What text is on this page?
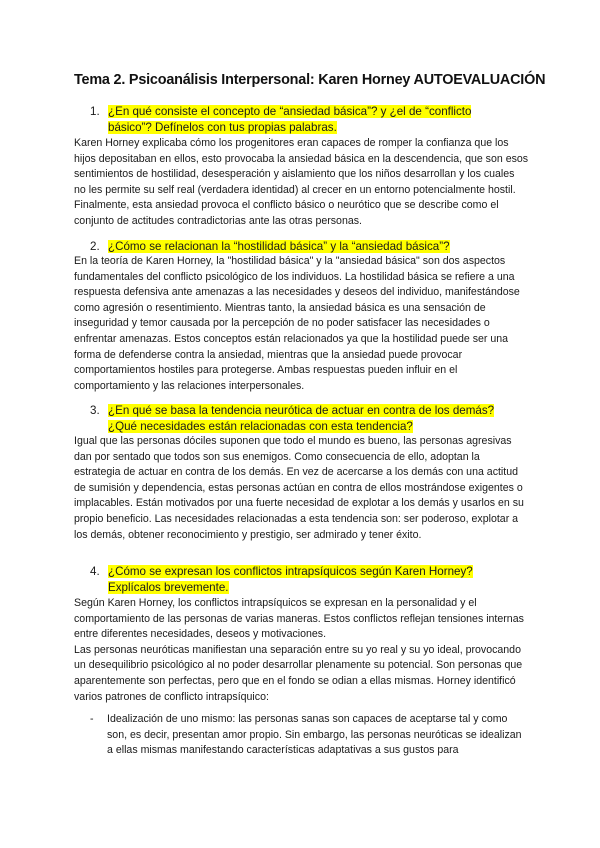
Tema 2. Psicoanálisis Interpersonal: Karen Horney AUTOEVALUACIÓN
1. ¿En qué consiste el concepto de “ansiedad básica”? y ¿el de “conflicto
básico”? Defínelos con tus propias palabras.

Karen Horney explicaba cómo los progenitores eran capaces de romper la confianza que los hijos depositaban en ellos, esto provocaba la ansiedad básica en la descendencia, que son esos sentimientos de hostilidad, desesperación y aislamiento que los niños desarrollan y los cuales no les permite su self real (verdadera identidad) al crecer en un entorno potencialmente hostil. Finalmente, esta ansiedad provoca el conflicto básico o neurótico que se describe como el conjunto de actitudes contradictorias ante las otras personas.

2. ¿Cómo se relacionan la “hostilidad básica” y la “ansiedad básica”?

En la teoría de Karen Horney, la "hostilidad básica" y la "ansiedad básica" son dos aspectos fundamentales del conflicto psicológico de los individuos. La hostilidad básica se refiere a una respuesta defensiva ante amenazas a las necesidades y deseos del individuo, manifestándose como agresión o resentimiento. Mientras tanto, la ansiedad básica es una sensación de inseguridad y temor causada por la percepción de no poder satisfacer las necesidades o enfrentar amenazas. Estos conceptos están relacionados ya que la hostilidad puede ser una forma de defenderse contra la ansiedad, mientras que la ansiedad puede provocar comportamientos hostiles para protegerse. Ambas respuestas pueden influir en el comportamiento y las relaciones interpersonales.

3. ¿En qué se basa la tendencia neurótica de actuar en contra de los demás?
¿Qué necesidades están relacionadas con esta tendencia?

Igual que las personas dóciles suponen que todo el mundo es bueno, las personas agresivas dan por sentado que todos son sus enemigos. Como consecuencia de ello, adoptan la estrategia de actuar en contra de los demás. En vez de acercarse a los demás con una actitud de sumisión y dependencia, estas personas actúan en contra de ellos mostrándose exigentes o implacables. Están motivados por una fuerte necesidad de explotar a los demás y usarlos en su propio beneficio. Las necesidades relacionadas a esta tendencia son: ser poderoso, explotar a los demás, obtener reconocimiento y prestigio, ser admirado y tener éxito.

4. ¿Cómo se expresan los conflictos intrapsíquicos según Karen Horney?
Explícalos brevemente.

Según Karen Horney, los conflictos intrapsíquicos se expresan en la personalidad y el comportamiento de las personas de varias maneras. Estos conflictos reflejan tensiones internas entre diferentes necesidades, deseos y motivaciones.

Las personas neuróticas manifiestan una separación entre su yo real y su yo ideal, provocando un desequilibrio psicológico al no poder desarrollar plenamente su potencial. Son personas que aparentemente son perfectas, pero que en el fondo se odian a ellas mismas. Horney identificó varios patrones de conflicto intrapsíquico:

- Idealización de uno mismo: las personas sanas son capaces de aceptarse tal y como son, es decir, presentan amor propio. Sin embargo, las personas neuróticas se idealizan a ellas mismas manifestando características adaptativas a sus gustos para
